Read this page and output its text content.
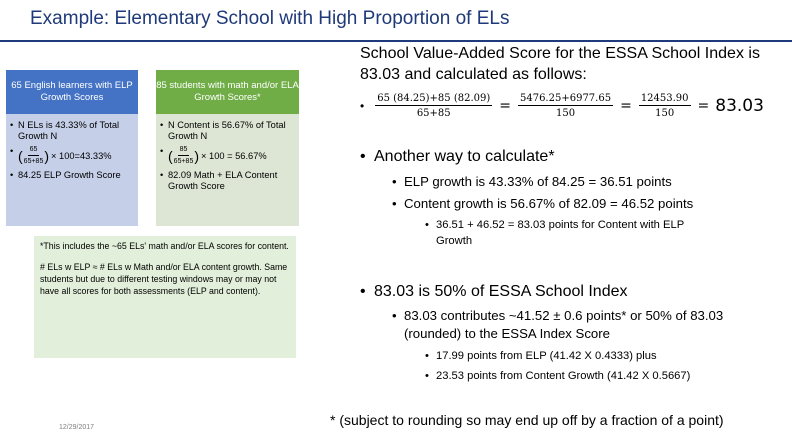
Example: Elementary School with High Proportion of ELs
65 English learners with ELP Growth Scores
• N ELs is 43.33% of Total Growth N
• ( $\frac{65}{65+85}$ ) × 100=43.33%
• 84.25 ELP Growth Score
85 students with math and/or ELA Growth Scores*
• N Content is 56.67% of Total Growth N
• ( $\frac{85}{65+85}$ ) × 100 = 56.67%
• 82.09 Math + ELA Content Growth Score

*This includes the ~65 ELs' math and/or ELA scores for content.

# ELs w ELP ≈ # ELs w Math and/or ELA content growth. Same students but due to different testing windows may or may not have all scores for both assessments (ELP and content).

12/29/2017
School Value-Added Score for the ESSA School Index is 83.03 and calculated as follows:
• $\frac{65 (84.25)+85 (82.09)}{65+85} = \frac{5476.25+6977.65}{150} = \frac{12453.90}{150} = 83.03$
• Another way to calculate*
• ELP growth is 43.33% of 84.25 = 36.51 points
• Content growth is 56.67% of 82.09 = 46.52 points
• 36.51 + 46.52 = 83.03 points for Content with ELP
Growth
• 83.03 is 50% of ESSA School Index
• 83.03 contributes ~41.52 ± 0.6 points* or 50% of 83.03
(rounded) to the ESSA Index Score
• 17.99 points from ELP (41.42 X 0.4333) plus
• 23.53 points from Content Growth (41.42 X 0.5667)
* (subject to rounding so may end up off by a fraction of a point)
